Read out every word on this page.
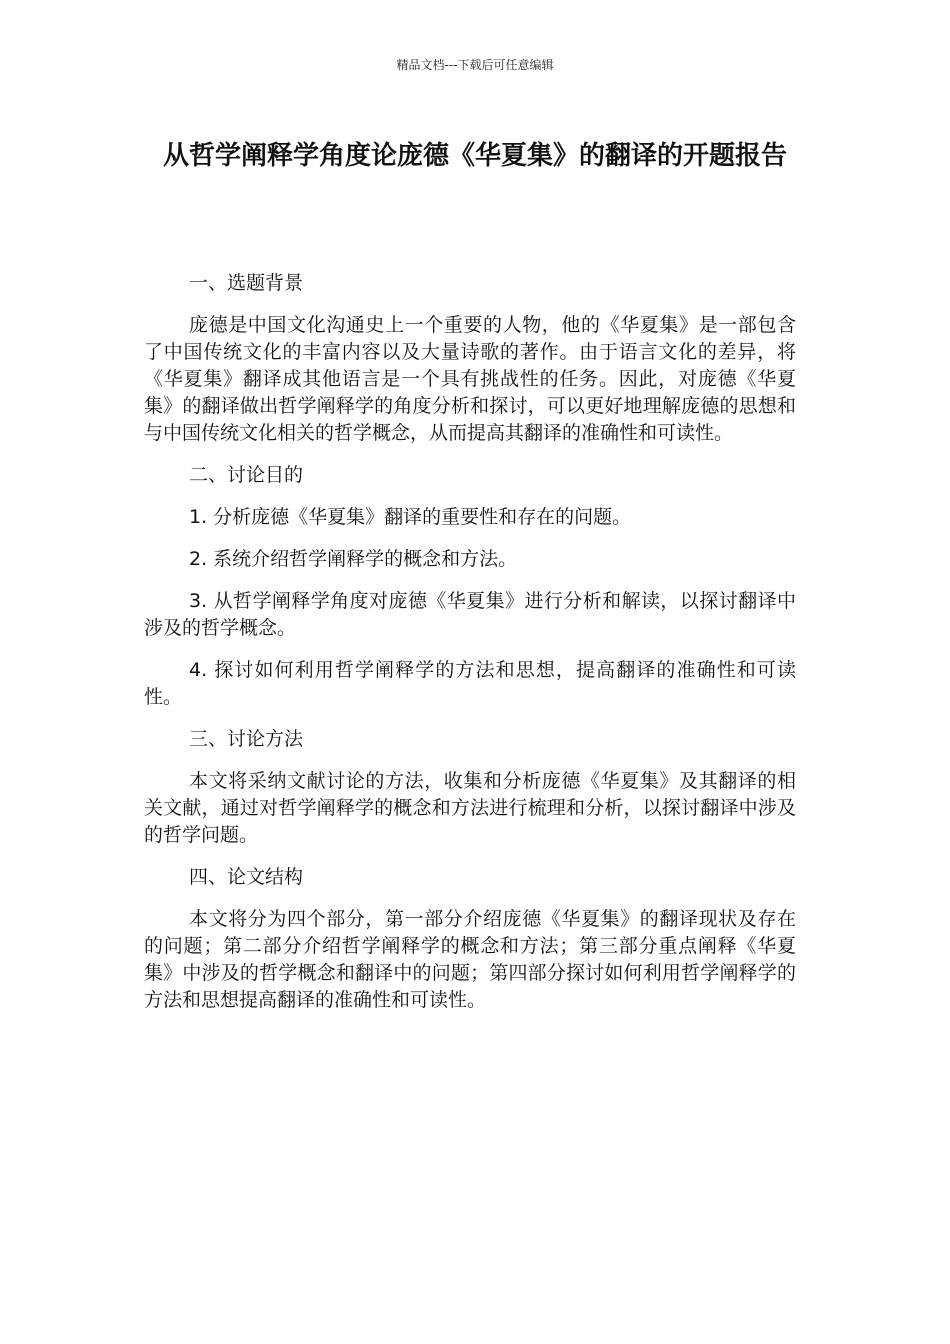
精品文档---下载后可任意编辑
从哲学阐释学角度论庞德《华夏集》的翻译的开题报告

一、选题背景

庞德是中国文化沟通史上一个重要的人物，他的《华夏集》是一部包含了中国传统文化的丰富内容以及大量诗歌的著作。由于语言文化的差异，将《华夏集》翻译成其他语言是一个具有挑战性的任务。因此，对庞德《华夏集》的翻译做出哲学阐释学的角度分析和探讨，可以更好地理解庞德的思想和与中国传统文化相关的哲学概念，从而提高其翻译的准确性和可读性。

二、讨论目的

1. 分析庞德《华夏集》翻译的重要性和存在的问题。

2. 系统介绍哲学阐释学的概念和方法。

3. 从哲学阐释学角度对庞德《华夏集》进行分析和解读，以探讨翻译中涉及的哲学概念。

4. 探讨如何利用哲学阐释学的方法和思想，提高翻译的准确性和可读性。

三、讨论方法

本文将采纳文献讨论的方法，收集和分析庞德《华夏集》及其翻译的相关文献，通过对哲学阐释学的概念和方法进行梳理和分析，以探讨翻译中涉及的哲学问题。

四、论文结构

本文将分为四个部分，第一部分介绍庞德《华夏集》的翻译现状及存在的问题；第二部分介绍哲学阐释学的概念和方法；第三部分重点阐释《华夏集》中涉及的哲学概念和翻译中的问题；第四部分探讨如何利用哲学阐释学的方法和思想提高翻译的准确性和可读性。
